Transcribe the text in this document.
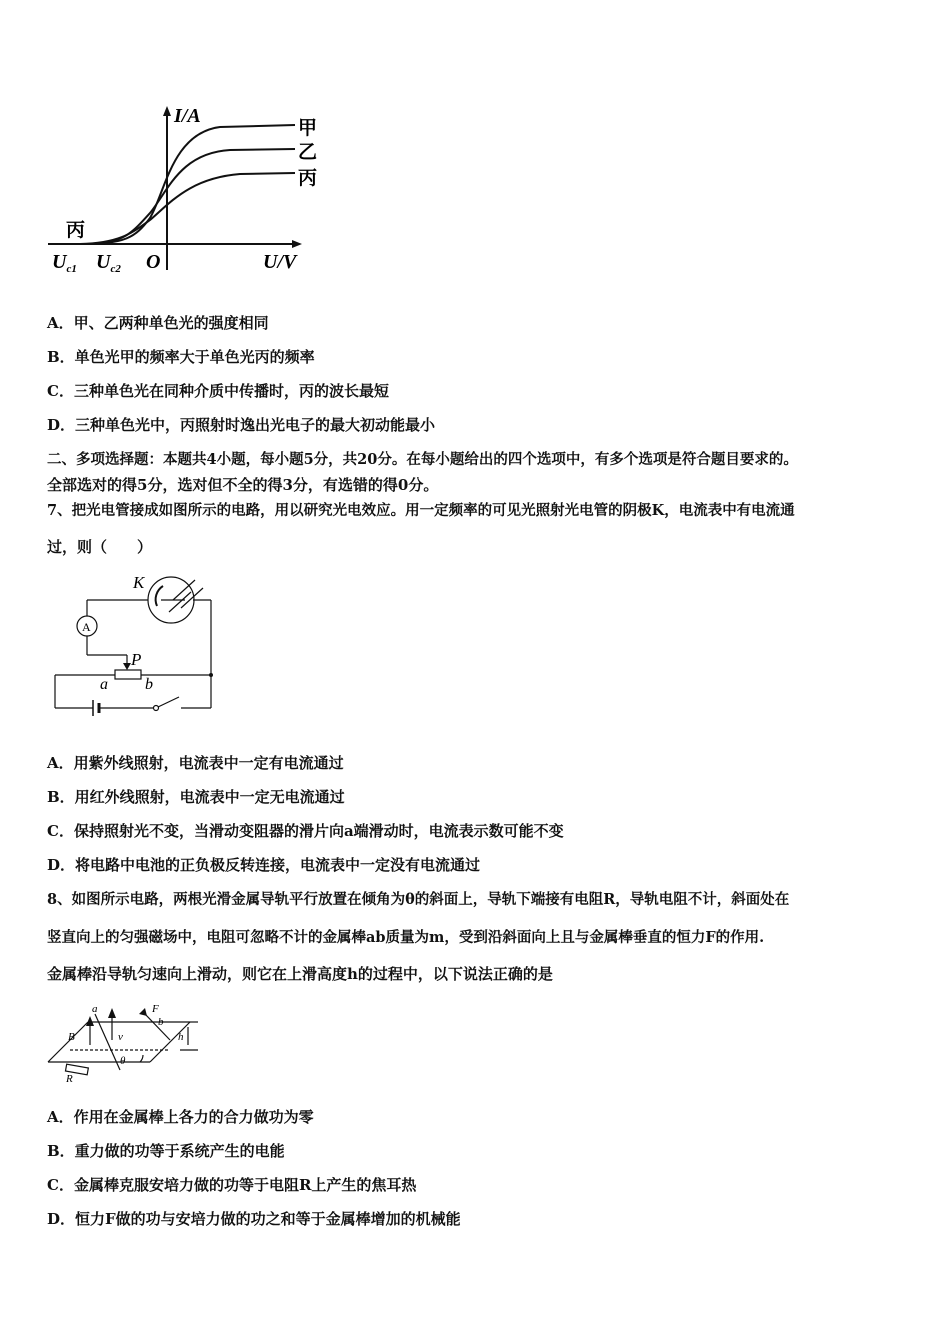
I/A
U/V
O
甲
乙
丙
丙
$U_{c1}$ $U_{c2}$
A．甲、乙两种单色光的强度相同
B．单色光甲的频率大于单色光丙的频率
C．三种单色光在同种介质中传播时，丙的波长最短
D．三种单色光中，丙照射时逸出光电子的最大初动能最小
二、多项选择题：本题共4小题，每小题5分，共20分。在每小题给出的四个选项中，有多个选项是符合题目要求的。
全部选对的得5分，选对但不全的得3分，有选错的得0分。
7、把光电管接成如图所示的电路，用以研究光电效应。用一定频率的可见光照射光电管的阴极K，电流表中有电流通
过，则（　　）
K
A
P
a b
A．用紫外线照射，电流表中一定有电流通过
B．用红外线照射，电流表中一定无电流通过
C．保持照射光不变，当滑动变阻器的滑片向a端滑动时，电流表示数可能不变
D．将电路中电池的正负极反转连接，电流表中一定没有电流通过
8、如图所示电路，两根光滑金属导轨平行放置在倾角为θ的斜面上，导轨下端接有电阻R，导轨电阻不计，斜面处在
竖直向上的匀强磁场中，电阻可忽略不计的金属棒ab质量为m，受到沿斜面向上且与金属棒垂直的恒力F的作用.
金属棒沿导轨匀速向上滑动，则它在上滑高度h的过程中，以下说法正确的是
a	F
b
B	v	h
θ
R
A．作用在金属棒上各力的合力做功为零
B．重力做的功等于系统产生的电能
C．金属棒克服安培力做的功等于电阻R上产生的焦耳热
D．恒力F做的功与安培力做的功之和等于金属棒增加的机械能
